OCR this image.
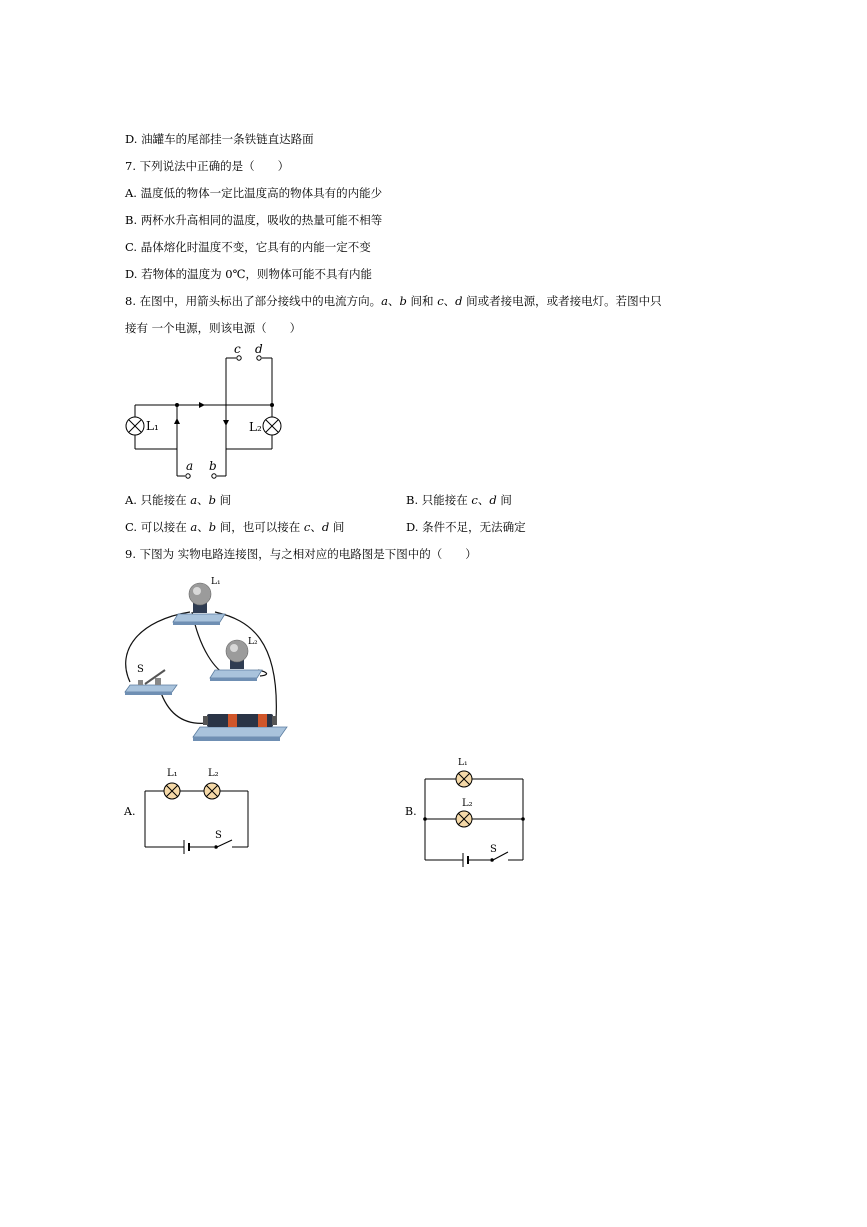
D. 油罐车的尾部挂一条铁链直达路面
7. 下列说法中正确的是（　　）
A. 温度低的物体一定比温度高的物体具有的内能少
B. 两杯水升高相同的温度，吸收的热量可能不相等
C. 晶体熔化时温度不变，它具有的内能一定不变
D. 若物体的温度为 0℃，则物体可能不具有内能
8. 在图中，用箭头标出了部分接线中的电流方向。a、b 间和 c、d 间或者接电源，或者接电灯。若图中只
接有 一个电源，则该电源（　　）
a b
c d
L₁	L₂
A. 只能接在 a、b 间	B. 只能接在 c、d 间
C. 可以接在 a、b 间，也可以接在 c、d 间	D. 条件不足，无法确定
9. 下图为 实物电路连接图，与之相对应的电路图是下图中的（　　）
L₁
L₂
S
A.
L₁	L₂
S
B.
L₁
L₂
S
